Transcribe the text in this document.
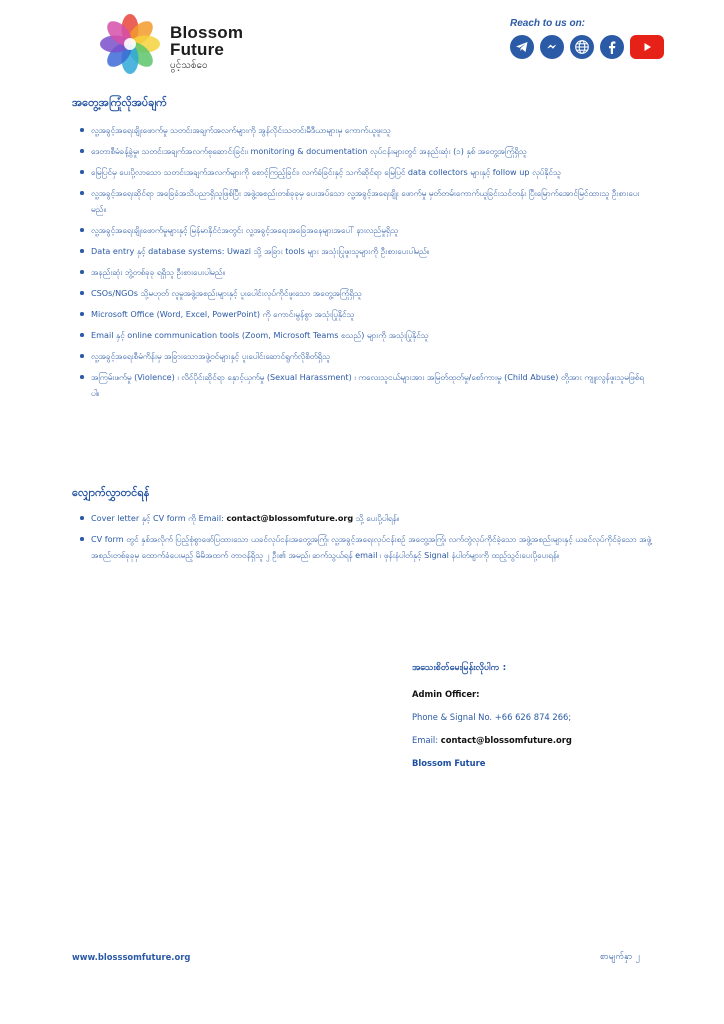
Blossom
Future
ပွင့်သစ်ဝေ
Reach to us on:
အတွေ့အကြုံလိုအပ်ချက်
လူ့အခွင့်အရေးချိုးဖောက်မှု သတင်းအချက်အလက်များကို အွန်လိုင်းသတင်းမီဒီယာများမှ ကောက်ယူဖူးသူ
ဒေတာစီမံခန့်ခွဲမှု၊ သတင်းအချက်အလက်စုဆောင်းခြင်း၊ monitoring & documentation လုပ်ငန်းများတွင် အနည်းဆုံး (၁) နှစ် အတွေ့အကြုံရှိသူ
မြေပြင်မှ ပေးပို့လာသော သတင်းအချက်အလက်များကို စောင့်ကြည့်ခြင်း၊ လက်ခံခြင်းနှင့် သက်ဆိုင်ရာ မြေပြင် data collectors များနှင့် follow up လုပ်နိုင်သူ
လူ့အခွင့်အရေးဆိုင်ရာ အခြေခံအသိပညာရှိသူဖြစ်ပြီး အဖွဲ့အစည်းတစ်ခုခုမှ ပေးအပ်သော လူ့အခွင့်အရေးချိုး ဖောက်မှု မှတ်တမ်းကောက်ယူခြင်းသင်တန်း ပြီးမြောက်အောင်မြင်ထားသူ ဦးစားပေးမည်။
လူ့အခွင့်အရေးချိုးဖောက်မှုများနှင့် မြန်မာနိုင်ငံအတွင်း လူ့အခွင့်အရေးအခြေအနေများအပေါ် နားလည်မှုရှိသူ
Data entry နှင့် database systems: Uwazi သို့ အခြား tools များ အသုံးပြုဖူးသူများကို ဦးစားပေးပါမည်။
အနည်းဆုံး ဘွဲ့တစ်ခုခု ရရှိသူ ဦးစားပေးပါမည်။
CSOs/NGOs သို့မဟုတ် လူမှုအဖွဲ့အစည်းများနှင့် ပူးပေါင်းလုပ်ကိုင်ဖူးသော အတွေ့အကြုံရှိသူ
Microsoft Office (Word, Excel, PowerPoint) ကို ကောင်းမွန်စွာ အသုံးပြုနိုင်သူ
Email နှင့် online communication tools (Zoom, Microsoft Teams စသည်) များကို အသုံးပြုနိုင်သူ
လူ့အခွင့်အရေးစီမံကိန်းမှ အခြားသောအဖွဲ့ဝင်များနှင့် ပူးပေါင်းဆောင်ရွက်လိုစိတ်ရှိသူ
အကြမ်းဖက်မှု (Violence) ၊ လိင်ပိုင်းဆိုင်ရာ နှောင့်ယှက်မှု (Sexual Harassment) ၊ ကလေးသူငယ်များအား အမြတ်ထုတ်မှု/စော်ကားမှု (Child Abuse) တို့အား ကျူးလွန်ဖူးသူမဖြစ်ရပါ။
လျှောက်လွှာတင်ရန်
Cover letter နှင့် CV form ကို Email: contact@blossomfuture.org သို့ ပေးပို့ပါရန်။
CV form တွင် နှစ်အလိုက် ပြည့်စုံစွာဖော်ပြထားသော ယခင်လုပ်ငန်းအတွေ့အကြုံ၊ လူ့အခွင့်အရေးလုပ်ငန်းစဉ် အတွေ့အကြုံ၊ လက်တွဲလုပ်ကိုင်ခဲ့သော အဖွဲ့အစည်းများနှင့် ယခင်လုပ်ကိုင်ခဲ့သော အဖွဲ့အစည်းတစ်ခုခုမှ ထောက်ခံပေးမည့် မိမိအထက် တာဝန်ရှိသူ ၂ ဦး၏ အမည်၊ ဆက်သွယ်ရန် email ၊ ဖုန်းနံပါတ်နှင့် Signal နံပါတ်များကို ထည့်သွင်းပေးပို့ပေးရန်။
အသေးစိတ်မေးမြန်းလိုပါက :
Admin Officer:
Phone & Signal No. +66 626 874 266;
Email: contact@blossomfuture.org
Blossom Future
www.blosssomfuture.org	စာမျက်နှာ ၂
